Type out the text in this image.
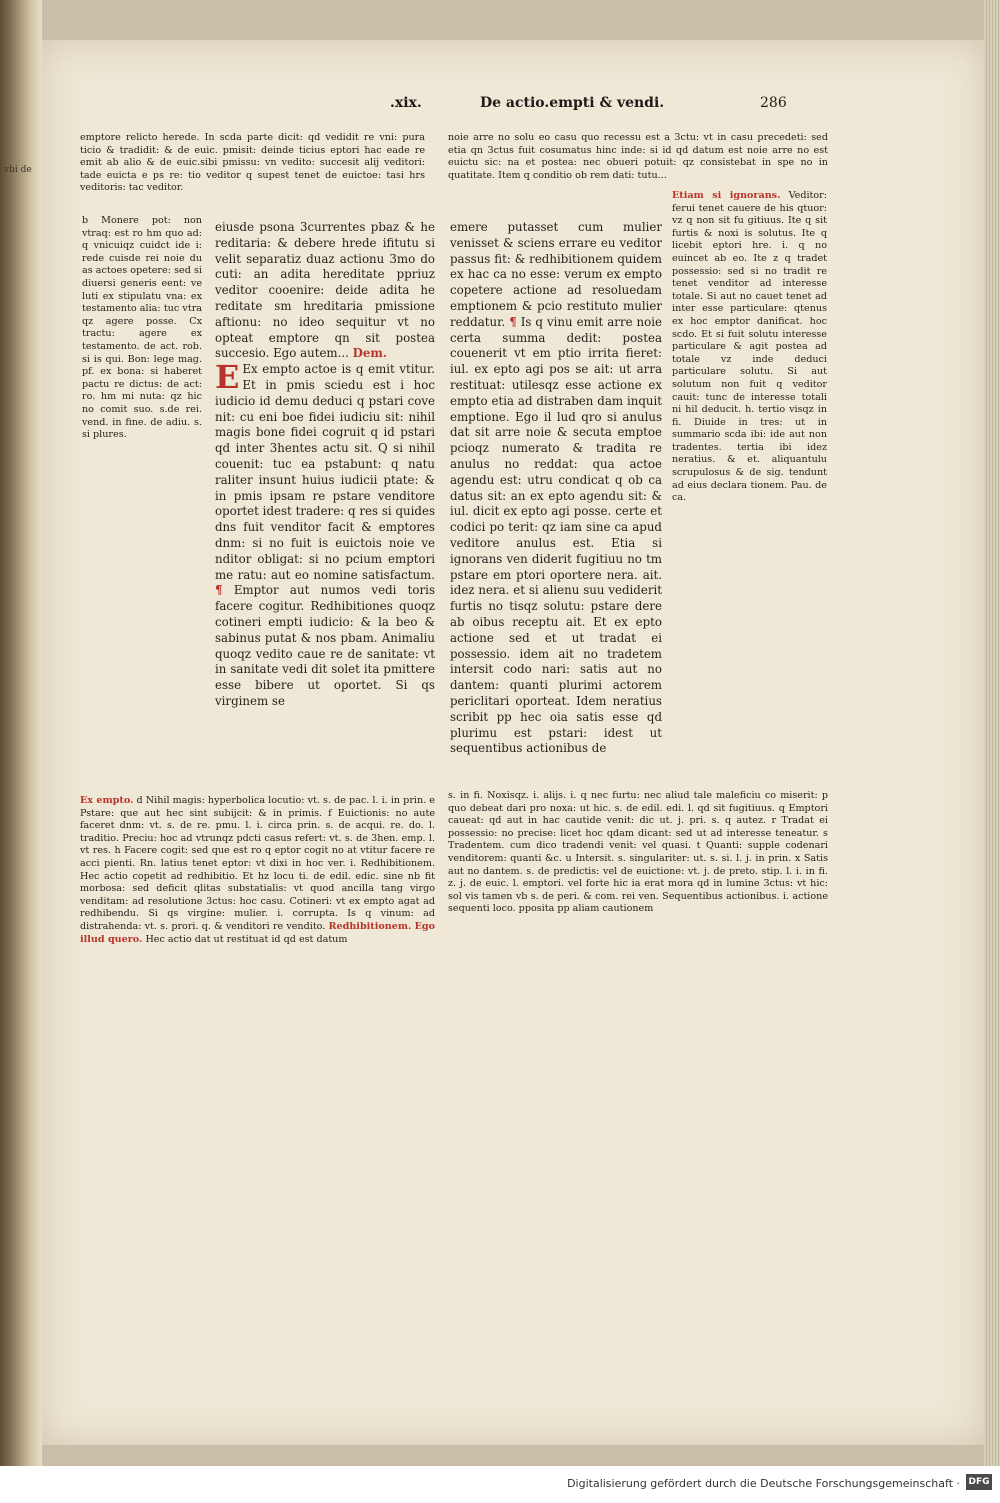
.xix.	De actio.empti & vendi.	286
vbi de
emptore relicto herede. In scda parte dicit: qd vedidit re vni: pura ticio & tradidit: & de euic. pmisit: deinde ticius eptori hac eade re emit ab alio & de euic.sibi pmissu: vn vedito: succesit alij veditori: tade euicta e ps re: tio veditor q supest tenet de euictoe: tasi hrs veditoris: tac veditor.
noie arre no solu eo casu quo recessu est a 3ctu: vt in casu precedeti: sed etia qn 3ctus fuit cosumatus hinc inde: si id qd datum est noie arre no est euictu sic: na et postea: nec obueri potuit: qz consistebat in spe no in quatitate. Item q conditio ob rem dati: tutu...
b Monere pot: non vtraq: est ro hm quo ad: q vnicuiqz cuidct ide i: rede cuisde rei noie du as actoes opetere: sed si diuersi generis eent: ve luti ex stipulatu vna: ex testamento alia: tuc vtra qz agere posse. Cx tractu: agere ex testamento. de act. rob. si is qui. Bon: lege mag. pf. ex bona: si haberet pactu re dictus: de act: ro. hm mi nuta: qz hic no comit suo. s.de rei. vend. in fine. de adiu. s. si plures.
eiusde psona 3currentes pbaz & he reditaria: & debere hrede ifitutu si velit separatiz duaz actionu 3mo do cuti: an adita hereditate ppriuz veditor cooenire: deide adita he reditate sm hreditaria pmissione aftionu: no ideo sequitur vt no opteat emptore qn sit postea succesio. Ego autem... Dem.

E Ex empto actoe is q emit vtitur. Et in pmis sciedu est i hoc iudicio id demu deduci q pstari cove nit: cu eni boe fidei iudiciu sit: nihil magis bone fidei cogruit q id pstari qd inter 3hentes actu sit. Q si nihil couenit: tuc ea pstabunt: q natu raliter insunt huius iudicii ptate: & in pmis ipsam re pstare venditore oportet idest tradere: q res si quides dns fuit venditor facit & emptores dnm: si no fuit is euictois noie ve nditor obligat: si no pcium emptori me ratu: aut eo nomine satisfactum. ¶ Emptor aut numos vedi toris facere cogitur. Redhibitiones quoqz cotineri empti iudicio: & la beo & sabinus putat & nos pbam. Animaliu quoqz vedito caue re de sanitate: vt in sanitate vedi dit solet ita pmittere esse bibere ut oportet. Si qs virginem se
emere putasset cum mulier venisset & sciens errare eu veditor passus fit: & redhibitionem quidem ex hac ca no esse: verum ex empto copetere actione ad resoluedam emptionem & pcio restituto mulier reddatur. ¶ Is q vinu emit arre noie certa summa dedit: postea couenerit vt em ptio irrita fieret: iul. ex epto agi pos se ait: ut arra restituat: utilesqz esse actione ex empto etia ad distraben dam inquit emptione. Ego il lud qro si anulus dat sit arre noie & secuta emptoe pcioqz numerato & tradita re anulus no reddat: qua actoe agendu est: utru condicat q ob ca datus sit: an ex epto agendu sit: & iul. dicit ex epto agi posse. certe et codici po terit: qz iam sine ca apud veditore anulus est. Etia si ignorans ven diderit fugitiuu no tm pstare em ptori oportere nera. ait. idez nera. et si alienu suu vediderit furtis no tisqz solutu: pstare dere ab oibus receptu ait. Et ex epto actione sed et ut tradat ei possessio. idem ait no tradetem intersit codo nari: satis aut no dantem: quanti plurimi actorem periclitari oporteat. Idem neratius scribit pp hec oia satis esse qd plurimu est pstari: idest ut sequentibus actionibus de
Etiam si ignorans. Veditor: ferui tenet cauere de his qtuor: vz q non sit fu gitiuus. Ite q sit furtis & noxi is solutus. Ite q licebit eptori hre. i. q no euincet ab eo. Ite z q tradet possessio: sed si no tradit re tenet venditor ad interesse totale. Si aut no cauet tenet ad inter esse particulare: qtenus ex hoc emptor danificat. hoc scdo. Et si fuit solutu interesse particulare & agit postea ad totale vz inde deduci particulare solutu. Si aut solutum non fuit q veditor cauit: tunc de interesse totali ni hil deducit. h. tertio visqz in fi. Diuide in tres: ut in summario scda ibi: ide aut non tradentes. tertia ibi idez neratius. & et. aliquantulu scrupulosus & de sig. tendunt ad eius declara tionem. Pau. de ca.
Ex empto. d Nihil magis: hyperbolica locutio: vt. s. de pac. l. i. in prin. e Pstare: que aut hec sint subijcit: & in primis. f Euictionis: no aute faceret dnm: vt. s. de re. pmu. l. i. circa prin. s. de acqui. re. do. l. traditio. Preciu: hoc ad vtrunqz pdcti casus refert: vt. s. de 3hen. emp. l. vt res. h Facere cogit: sed que est ro q eptor cogit no at vtitur facere re acci pienti. Rn. latius tenet eptor: vt dixi in hoc ver. i. Redhibitionem. Hec actio copetit ad redhibitio. Et hz locu ti. de edil. edic. sine nb fit morbosa: sed deficit qlitas substatialis: vt quod ancilla tang virgo venditam: ad resolutione 3ctus: hoc casu. Cotineri: vt ex empto agat ad redhibendu. Si qs virgine: mulier. i. corrupta. Is q vinum: ad distrahenda: vt. s. prori. q. & venditori re vendito. Redhibitionem. Ego illud quero. Hec actio dat ut restituat id qd est datum
s. in fi. Noxisqz. i. alijs. i. q nec furtu: nec aliud tale maleficiu co miserit: p quo debeat dari pro noxa: ut hic. s. de edil. edi. l. qd sit fugitiuus. q Emptori caueat: qd aut in hac cautide venit: dic ut. j. pri. s. q autez. r Tradat ei possessio: no precise: licet hoc qdam dicant: sed ut ad interesse teneatur. s Tradentem. cum dico tradendi venit: vel quasi. t Quanti: supple codenari venditorem: quanti &c. u Intersit. s. singulariter: ut. s. si. l. j. in prin. x Satis aut no dantem. s. de predictis: vel de euictione: vt. j. de preto. stip. l. i. in fi. z. j. de euic. l. emptori. vel forte hic ia erat mora qd in lumine 3ctus: vt hic: sol vis tamen vb s. de peri. & com. rei ven. Sequentibus actionibus. i. actione sequenti loco. pposita pp aliam cautionem
Digitalisierung gefördert durch die Deutsche Forschungsgemeinschaft · DFG
